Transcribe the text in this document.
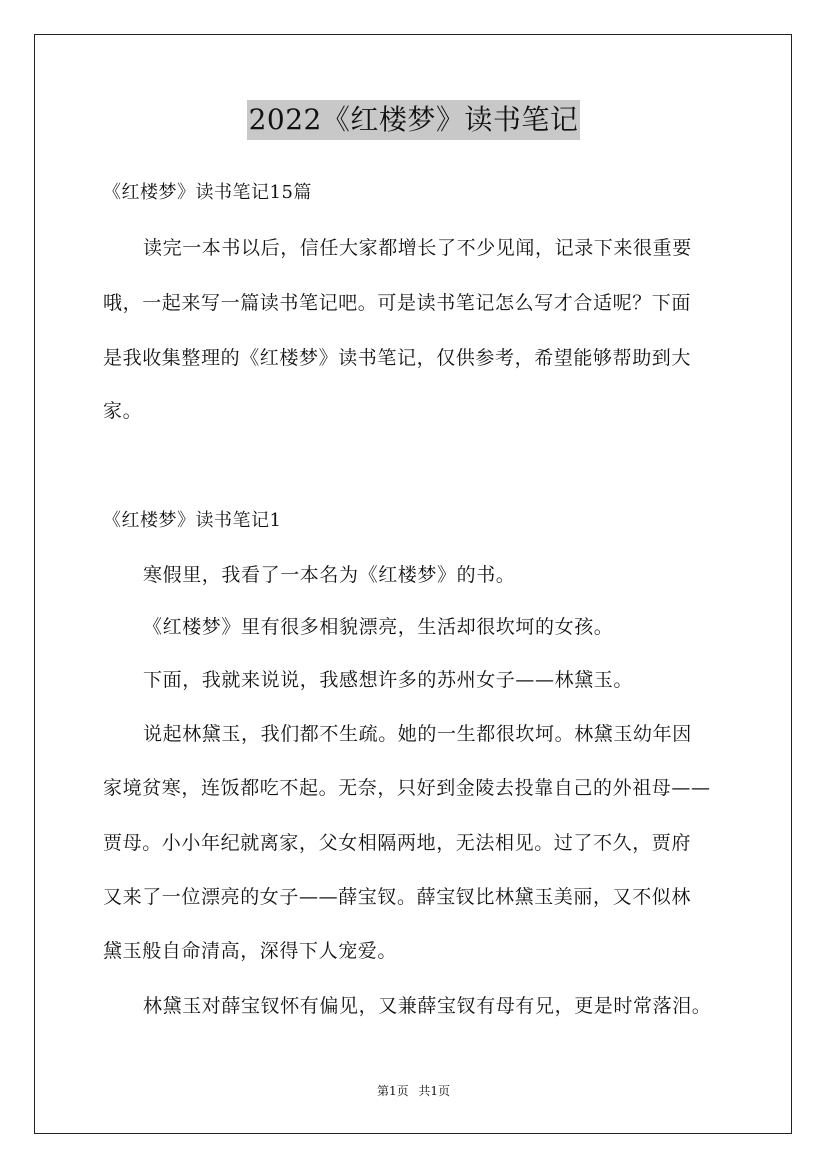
2022《红楼梦》读书笔记
《红楼梦》读书笔记15篇
读完一本书以后，信任大家都增长了不少见闻，记录下来很重要
哦，一起来写一篇读书笔记吧。可是读书笔记怎么写才合适呢？下面
是我收集整理的《红楼梦》读书笔记，仅供参考，希望能够帮助到大
家。
《红楼梦》读书笔记1
寒假里，我看了一本名为《红楼梦》的书。
《红楼梦》里有很多相貌漂亮，生活却很坎坷的女孩。
下面，我就来说说，我感想许多的苏州女子——林黛玉。
说起林黛玉，我们都不生疏。她的一生都很坎坷。林黛玉幼年因
家境贫寒，连饭都吃不起。无奈，只好到金陵去投靠自己的外祖母——
贾母。小小年纪就离家，父女相隔两地，无法相见。过了不久，贾府
又来了一位漂亮的女子——薛宝钗。薛宝钗比林黛玉美丽，又不似林
黛玉般自命清高，深得下人宠爱。
林黛玉对薛宝钗怀有偏见，又兼薛宝钗有母有兄，更是时常落泪。
第1页 共1页
